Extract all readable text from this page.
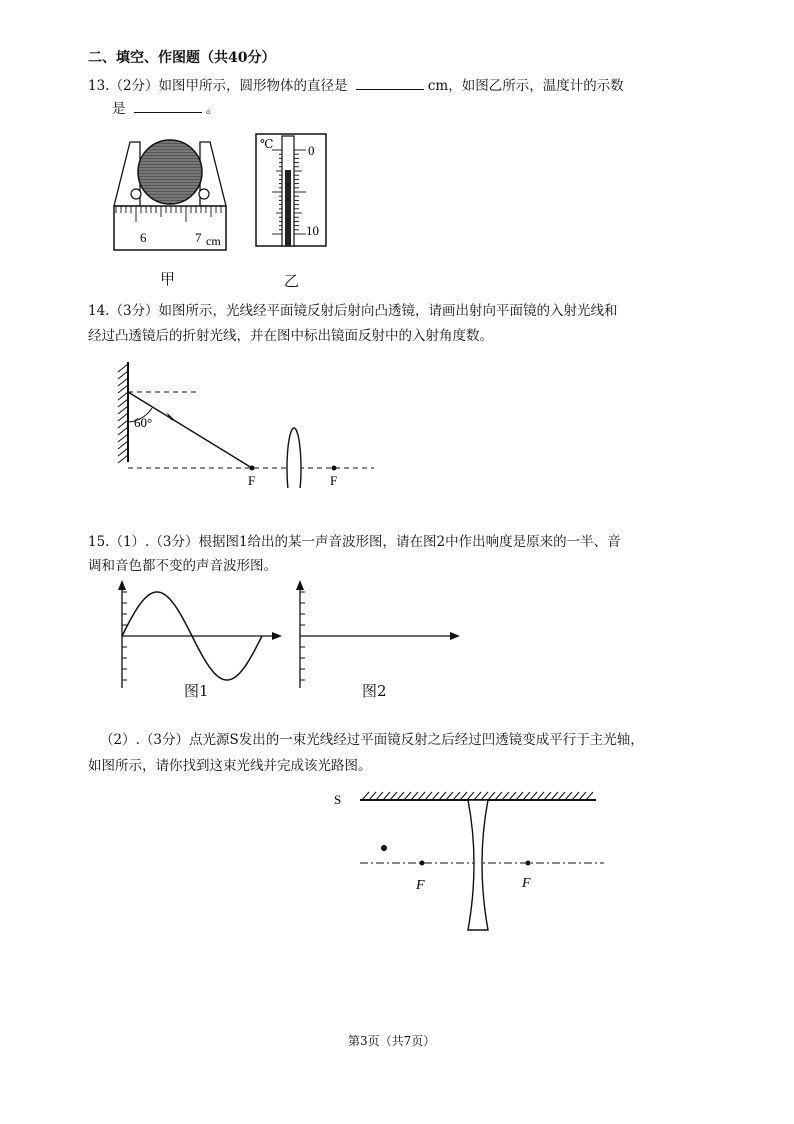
二、填空、作图题（共40分）
13.（2分）如图甲所示，圆形物体的直径是	cm，如图乙所示，温度计的示数
是	。
6	7 cm
甲
℃	0
10
乙
14.（3分）如图所示，光线经平面镜反射后射向凸透镜，请画出射向平面镜的入射光线和
经过凸透镜后的折射光线，并在图中标出镜面反射中的入射角度数。
60°
F	F
15.（1）.（3分）根据图1给出的某一声音波形图，请在图2中作出响度是原来的一半、音
调和音色都不变的声音波形图。
图1	图2
（2）.（3分）点光源S发出的一束光线经过平面镜反射之后经过凹透镜变成平行于主光轴，
如图所示，请你找到这束光线并完成该光路图。
S
F	F
第3页（共7页）
